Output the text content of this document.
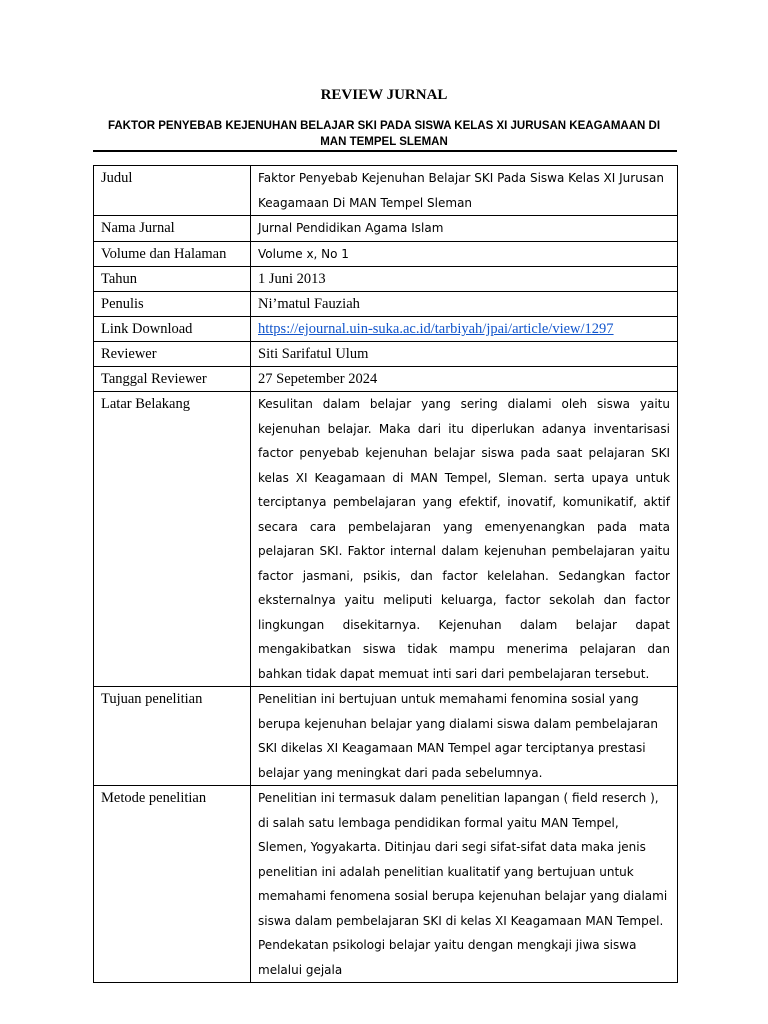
REVIEW JURNAL
FAKTOR PENYEBAB KEJENUHAN BELAJAR SKI PADA SISWA KELAS XI JURUSAN KEAGAMAAN DI MAN TEMPEL SLEMAN
Judul	Faktor Penyebab Kejenuhan Belajar SKI Pada Siswa Kelas XI Jurusan Keagamaan Di MAN Tempel Sleman
Nama Jurnal	Jurnal Pendidikan Agama Islam
Volume dan Halaman	Volume x, No 1
Tahun	1 Juni 2013
Penulis	Ni’matul Fauziah
Link Download	https://ejournal.uin-suka.ac.id/tarbiyah/jpai/article/view/1297
Reviewer	Siti Sarifatul Ulum
Tanggal Reviewer	27 Sepetember 2024
Latar Belakang	Kesulitan dalam belajar yang sering dialami oleh siswa yaitu kejenuhan belajar. Maka dari itu diperlukan adanya inventarisasi factor penyebab kejenuhan belajar siswa pada saat pelajaran SKI kelas XI Keagamaan di MAN Tempel, Sleman. serta upaya untuk terciptanya pembelajaran yang efektif, inovatif, komunikatif, aktif secara cara pembelajaran yang emenyenangkan pada mata pelajaran SKI. Faktor internal dalam kejenuhan pembelajaran yaitu factor jasmani, psikis, dan factor kelelahan. Sedangkan factor eksternalnya yaitu meliputi keluarga, factor sekolah dan factor lingkungan disekitarnya. Kejenuhan dalam belajar dapat mengakibatkan siswa tidak mampu menerima pelajaran dan bahkan tidak dapat memuat inti sari dari pembelajaran tersebut.
Tujuan penelitian	Penelitian ini bertujuan untuk memahami fenomina sosial yang berupa kejenuhan belajar yang dialami siswa dalam pembelajaran SKI dikelas XI Keagamaan MAN Tempel agar terciptanya prestasi belajar yang meningkat dari pada sebelumnya.
Metode penelitian	Penelitian ini termasuk dalam penelitian lapangan ( field reserch ), di salah satu lembaga pendidikan formal yaitu MAN Tempel, Slemen, Yogyakarta. Ditinjau dari segi sifat-sifat data maka jenis penelitian ini adalah penelitian kualitatif yang bertujuan untuk memahami fenomena sosial berupa kejenuhan belajar yang dialami siswa dalam pembelajaran SKI di kelas XI Keagamaan MAN Tempel. Pendekatan psikologi belajar yaitu dengan mengkaji jiwa siswa melalui gejala
